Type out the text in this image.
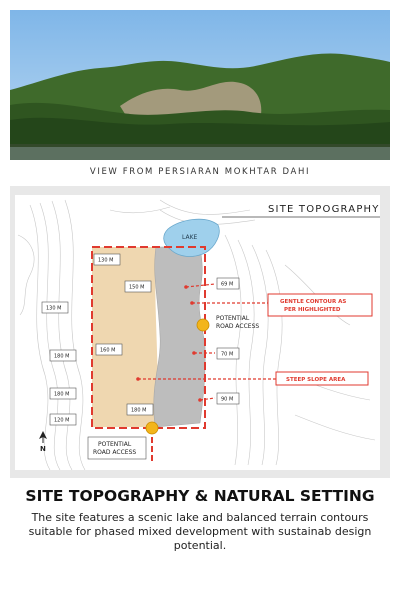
VIEW FROM PERSIARAN MOKHTAR DAHI
SITE TOPOGRAPHY
LAKE
130 M
130 M
150 M
160 M
180 M
180 M
120 M
69 M
70 M
90 M
180 M
GENTLE CONTOUR AS
PER HIGHLIGHTED
STEEP SLOPE AREA
POTENTIAL
ROAD ACCESS
POTENTIAL
ROAD ACCESS
N
SITE TOPOGRAPHY & NATURAL SETTING
The site features a scenic lake and balanced terrain contours suitable for phased mixed development with sustainab design potential.
